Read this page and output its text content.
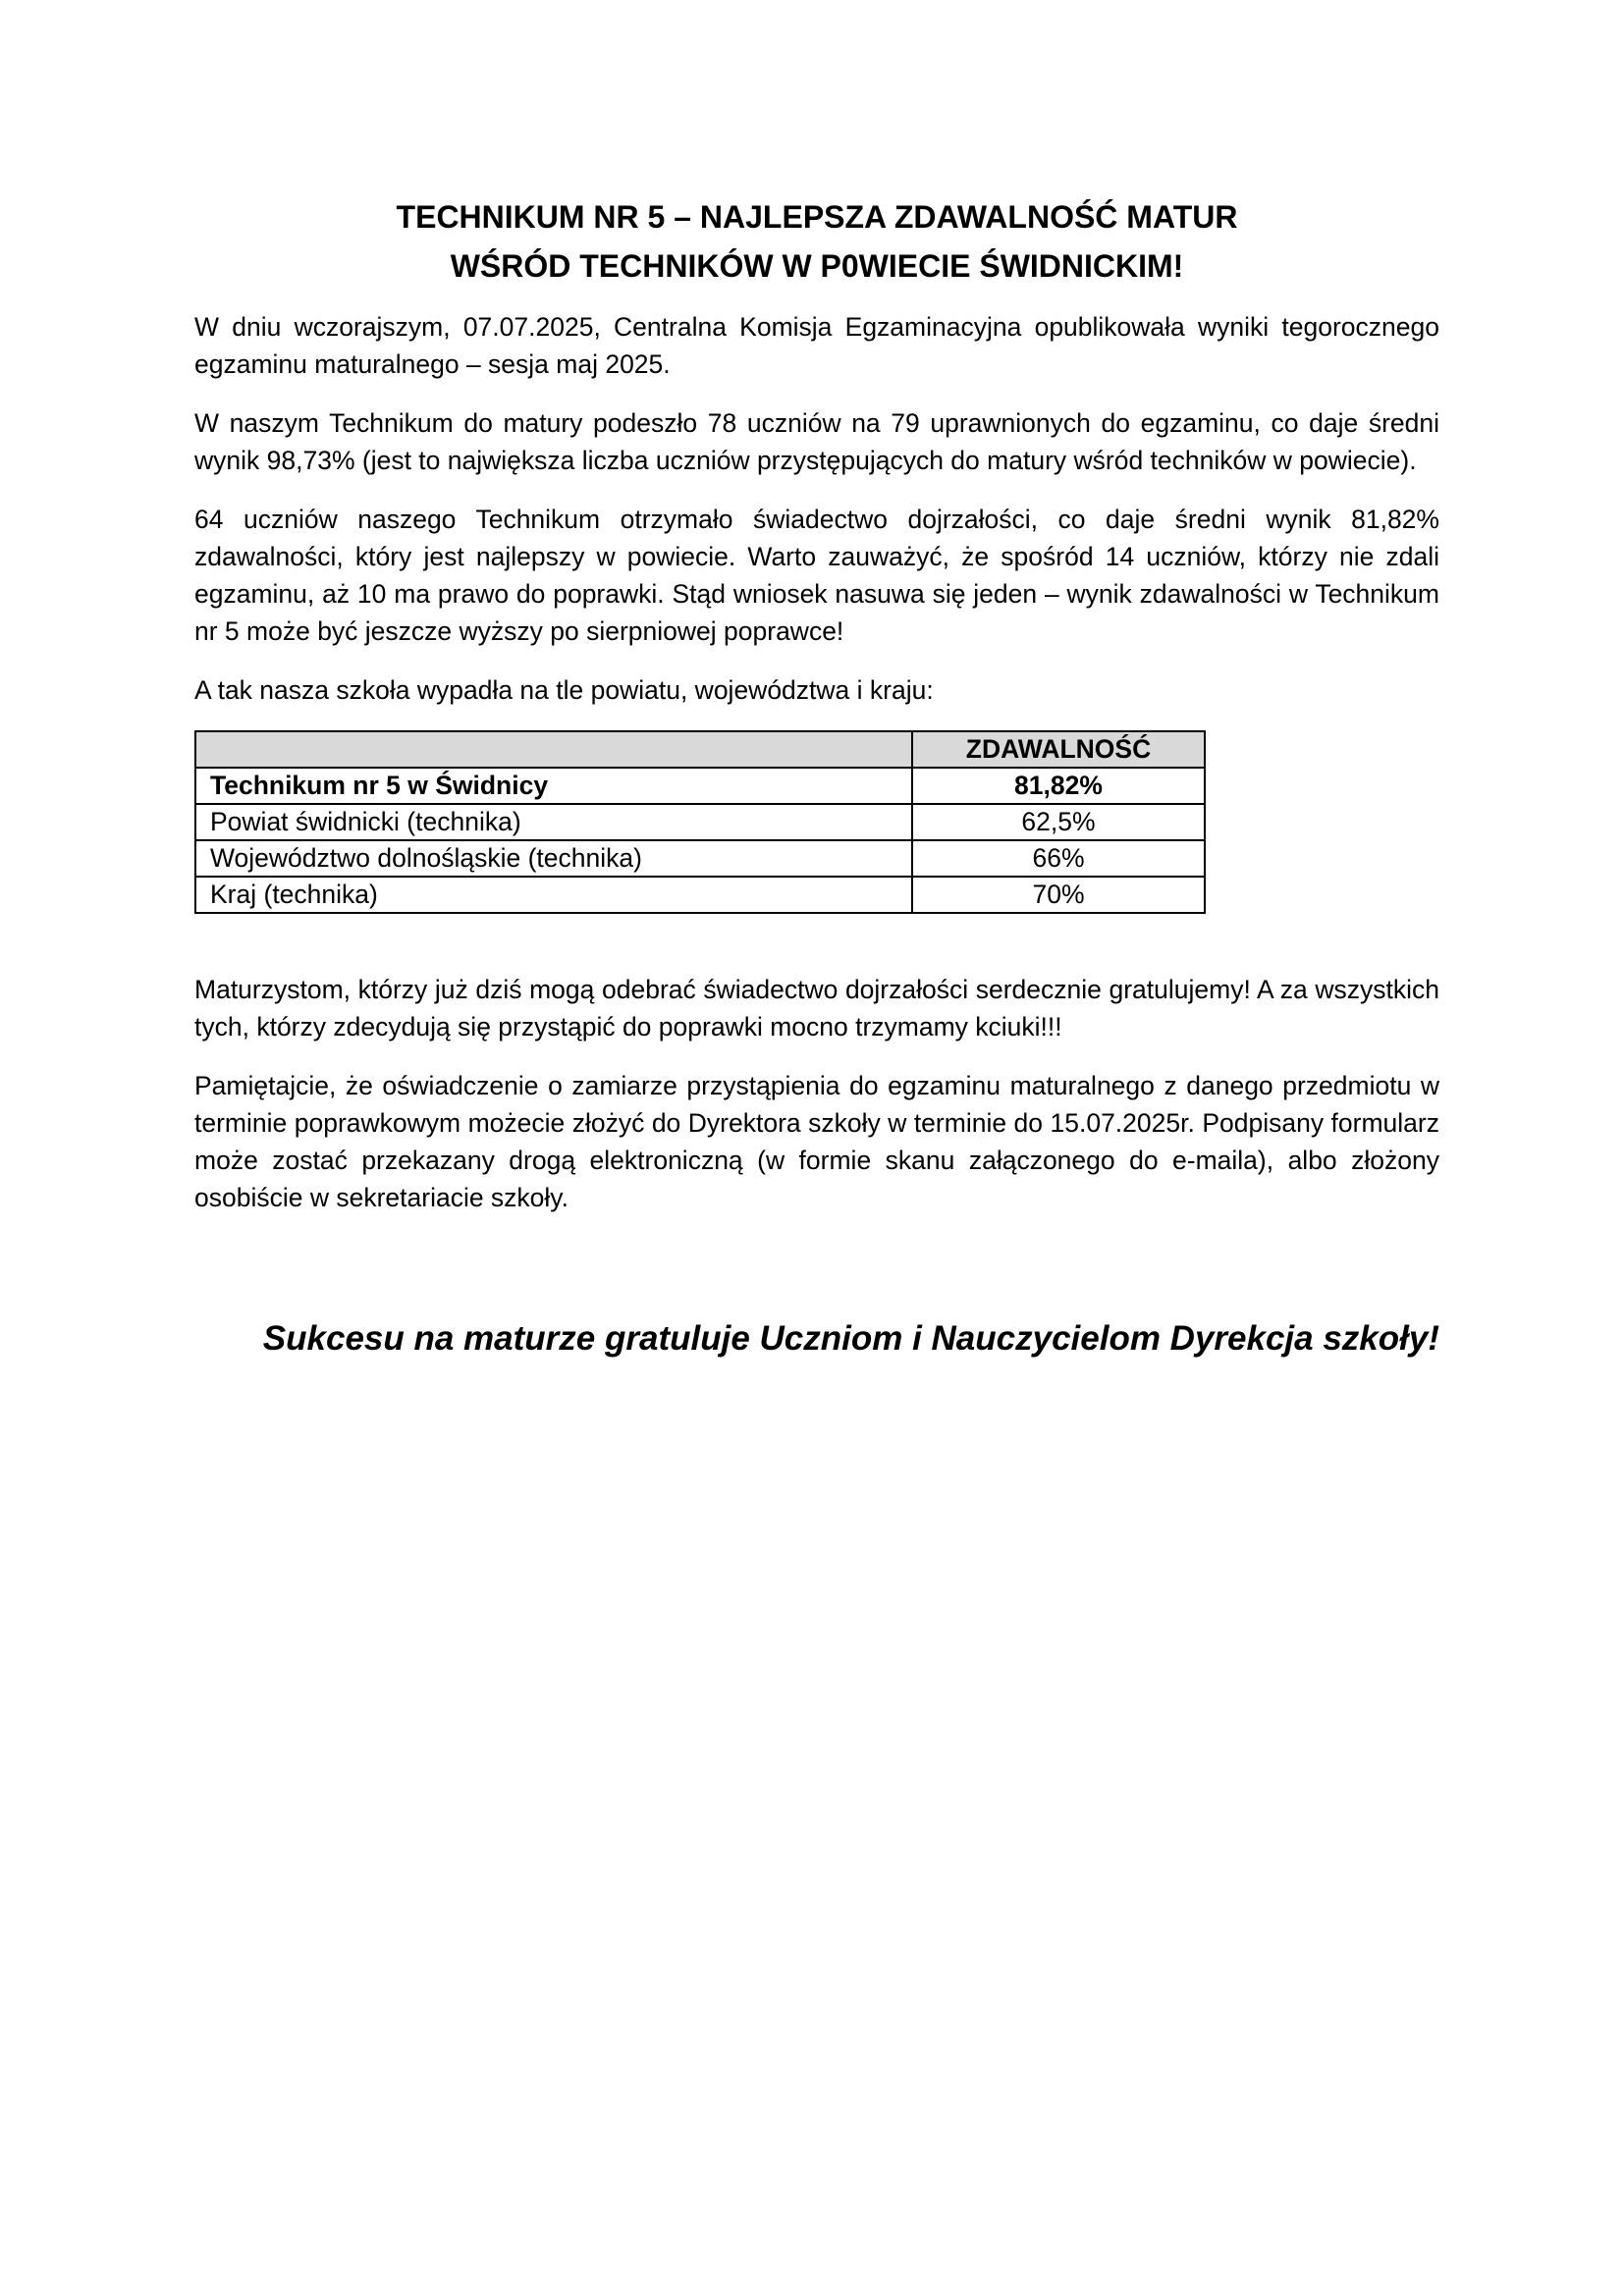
TECHNIKUM NR 5 – NAJLEPSZA ZDAWALNOŚĆ MATUR
WŚRÓD TECHNIKÓW W P0WIECIE ŚWIDNICKIM!

W dniu wczorajszym, 07.07.2025, Centralna Komisja Egzaminacyjna opublikowała wyniki tegorocznego egzaminu maturalnego – sesja maj 2025.

W naszym Technikum do matury podeszło 78 uczniów na 79 uprawnionych do egzaminu, co daje średni wynik 98,73% (jest to największa liczba uczniów przystępujących do matury wśród techników w powiecie).

64 uczniów naszego Technikum otrzymało świadectwo dojrzałości, co daje średni wynik 81,82% zdawalności, który jest najlepszy w powiecie. Warto zauważyć, że spośród 14 uczniów, którzy nie zdali egzaminu, aż 10 ma prawo do poprawki. Stąd wniosek nasuwa się jeden – wynik zdawalności w Technikum nr 5 może być jeszcze wyższy po sierpniowej poprawce!

A tak nasza szkoła wypadła na tle powiatu, województwa i kraju:

	ZDAWALNOŚĆ
Technikum nr 5 w Świdnicy	81,82%
Powiat świdnicki (technika)	62,5%
Województwo dolnośląskie (technika)	66%
Kraj (technika)	70%

Maturzystom, którzy już dziś mogą odebrać świadectwo dojrzałości serdecznie gratulujemy! A za wszystkich tych, którzy zdecydują się przystąpić do poprawki mocno trzymamy kciuki!!!

Pamiętajcie, że oświadczenie o zamiarze przystąpienia do egzaminu maturalnego z danego przedmiotu w terminie poprawkowym możecie złożyć do Dyrektora szkoły w terminie do 15.07.2025r. Podpisany formularz może zostać przekazany drogą elektroniczną (w formie skanu załączonego do e-maila), albo złożony osobiście w sekretariacie szkoły.

Sukcesu na maturze gratuluje Uczniom i Nauczycielom Dyrekcja szkoły!
